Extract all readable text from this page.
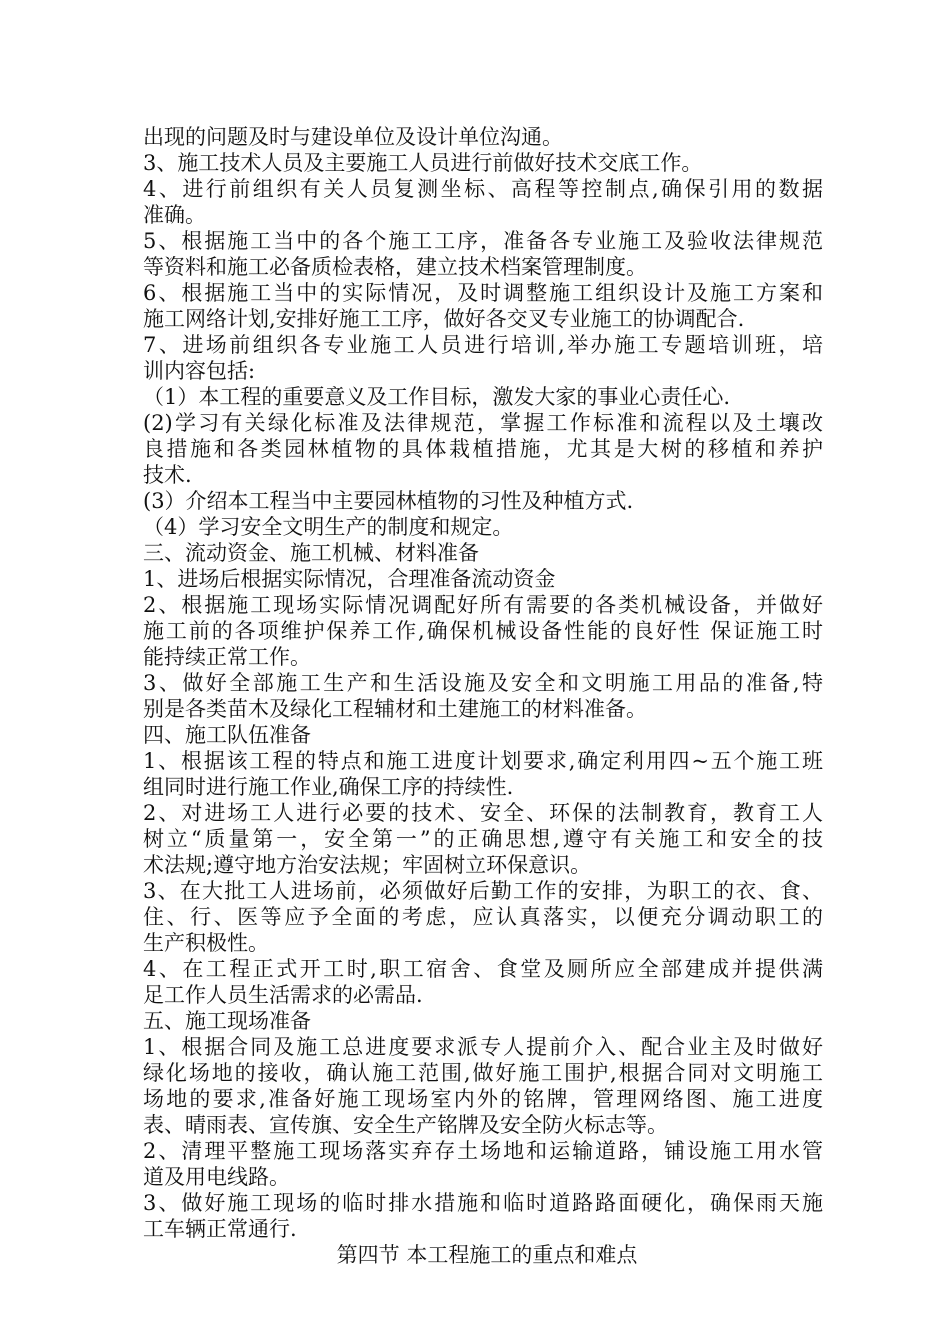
出现的问题及时与建设单位及设计单位沟通。
3、施工技术人员及主要施工人员进行前做好技术交底工作。
4、进行前组织有关人员复测坐标、高程等控制点,确保引用的数据
准确。
5、根据施工当中的各个施工工序，准备各专业施工及验收法律规范
等资料和施工必备质检表格，建立技术档案管理制度。
6、根据施工当中的实际情况，及时调整施工组织设计及施工方案和
施工网络计划,安排好施工工序，做好各交叉专业施工的协调配合.
7、进场前组织各专业施工人员进行培训,举办施工专题培训班，培
训内容包括:
（1）本工程的重要意义及工作目标，激发大家的事业心责任心.
(2)学习有关绿化标准及法律规范，掌握工作标准和流程以及土壤改
良措施和各类园林植物的具体栽植措施，尤其是大树的移植和养护
技术.
(3）介绍本工程当中主要园林植物的习性及种植方式.
（4）学习安全文明生产的制度和规定。
三、流动资金、施工机械、材料准备
1、进场后根据实际情况，合理准备流动资金
2、根据施工现场实际情况调配好所有需要的各类机械设备，并做好
施工前的各项维护保养工作,确保机械设备性能的良好性 保证施工时
能持续正常工作。
3、做好全部施工生产和生活设施及安全和文明施工用品的准备,特
别是各类苗木及绿化工程辅材和土建施工的材料准备。
四、施工队伍准备
1、根据该工程的特点和施工进度计划要求,确定利用四~五个施工班
组同时进行施工作业,确保工序的持续性.
2、对进场工人进行必要的技术、安全、环保的法制教育，教育工人
树立“质量第一，安全第一”的正确思想,遵守有关施工和安全的技
术法规;遵守地方治安法规；牢固树立环保意识。
3、在大批工人进场前，必须做好后勤工作的安排，为职工的衣、食、
住、行、医等应予全面的考虑，应认真落实，以便充分调动职工的
生产积极性。
4、在工程正式开工时,职工宿舍、食堂及厕所应全部建成并提供满
足工作人员生活需求的必需品.
五、施工现场准备
1、根据合同及施工总进度要求派专人提前介入、配合业主及时做好
绿化场地的接收，确认施工范围,做好施工围护,根据合同对文明施工
场地的要求,准备好施工现场室内外的铭牌，管理网络图、施工进度
表、晴雨表、宣传旗、安全生产铭牌及安全防火标志等。
2、清理平整施工现场落实弃存土场地和运输道路，铺设施工用水管
道及用电线路。
3、做好施工现场的临时排水措施和临时道路路面硬化，确保雨天施
工车辆正常通行.
第四节 本工程施工的重点和难点
